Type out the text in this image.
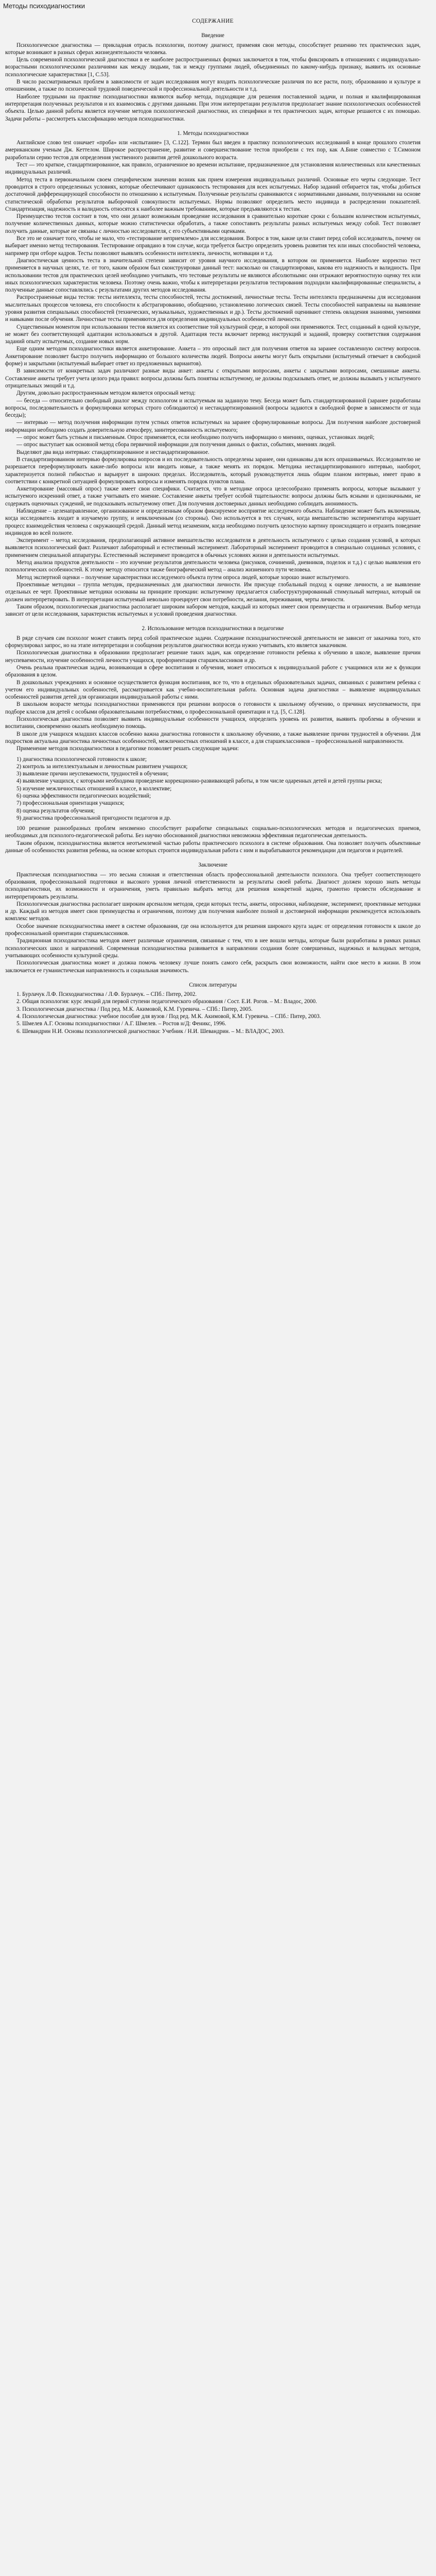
Методы психодиагностики
СОДЕРЖАНИЕ
Введение

Психологическое диагностика — прикладная отрасль психологии, поэтому диагност, применяя свои методы, способствует решению тех практических задач, которые возникают в разных сферах жизнедеятельности человека.

Цель современной психологической диагностики в ее наиболее распространенных формах заключается в том, чтобы фиксировать в отношениях с индивидуально-возрастными психологическими различиями как между людьми, так и между группами людей, объединенных по какому-нибудь признаку, выявить их основные психологические характеристики [1, С.53].

В число рассматриваемых проблем в зависимости от задач исследования могут входить психологические различия по все расти, полу, образованию и культуре и отношениям, а также по психической трудовой поведенческой и профессиональной деятельности и т.д.

Наиболее трудными на практике психодиагностики являются выбор метода, подходящие для решения поставленной задачи, и полная и квалифицированная интерпретация полученных результатов и их взаимосвязь с другими данными. При этом интерпретации результатов предполагает знание психологических особенностей объекта. Целью данной работы является изучение методов психологической диагностики, их специфики и тех практических задач, которые решаются с их помощью. Задачи работы – рассмотреть классификацию методов психодиагностики.

1. Методы психодиагностики

Английское слово test означает «проба» или «испытание» [3, С.122]. Термин был введен в практику психологических исследований в конце прошлого столетия американским ученым Дж. Кеттелом. Широкое распространение, развитие и совершенствование тестов приобрели с тех пор, как А.Бине совместно с Т.Симоном разработали серию тестов для определения умственного развития детей дошкольного возраста.

Тест — это краткое, стандартизированное, как правило, ограниченное во времени испытание, предназначенное для установления количественных или качественных индивидуальных различий.

Метод теста в первоначальном своем специфическом значении возник как прием измерения индивидуальных различий. Основные его черты следующие. Тест проводится в строго определенных условиях, которые обеспечивают одинаковость тестирования для всех испытуемых. Набор заданий отбирается так, чтобы добиться достаточной дифференцирующей способности по отношению к испытуемым. Полученные результаты сравниваются с нормативными данными, полученными на основе статистической обработки результатов выборочной совокупности испытуемых. Нормы позволяют определить место индивида в распределении показателей. Стандартизация, надежность и валидность относятся к наиболее важным требованиям, которые предъявляются к тестам.

Преимущество тестов состоит в том, что они делают возможным проведение исследования в сравнительно короткие сроки с большим количеством испытуемых, получение количественных данных, которые можно статистически обработать, а также сопоставить результаты разных испытуемых между собой. Тест позволяет получить данные, которые не связаны с личностью исследователя, с его субъективными оценками.

Все это не означает того, чтобы не мало, что «тестирование неприемлемо» для исследования. Вопрос в том, какие цели ставит перед собой исследователь, почему он выбирает именно метод тестирования. Тестирование оправдано в том случае, когда требуется быстро определить уровень развития тех или иных способностей человека, например при отборе кадров. Тесты позволяют выявлять особенности интеллекта, личности, мотивации и т.д.

Диагностическая ценность теста в значительной степени зависит от уровня научного исследования, в котором он применяется. Наиболее корректно тест применяется в научных целях, т.е. от того, каким образом был сконструирован данный тест: насколько он стандартизирован, какова его надежность и валидность. При использовании тестов для практических целей необходимо учитывать, что тестовые результаты не являются абсолютными: они отражают вероятностную оценку тех или иных психологических характеристик человека. Поэтому очень важно, чтобы к интерпретации результатов тестирования подходили квалифицированные специалисты, а полученные данные сопоставлялись с результатами других методов исследования.

Распространенные виды тестов: тесты интеллекта, тесты способностей, тесты достижений, личностные тесты. Тесты интеллекта предназначены для исследования мыслительных процессов человека, его способности к абстрагированию, обобщению, установлению логических связей. Тесты способностей направлены на выявление уровня развития специальных способностей (технических, музыкальных, художественных и др.). Тесты достижений оценивают степень овладения знаниями, умениями и навыками после обучения. Личностные тесты применяются для определения индивидуальных особенностей личности.

Существенным моментом при использовании тестов является их соответствие той культурной среде, в которой они применяются. Тест, созданный в одной культуре, не может без соответствующей адаптации использоваться в другой. Адаптация теста включает перевод инструкций и заданий, проверку соответствия содержания заданий опыту испытуемых, создание новых норм.

Еще одним методом психодиагностики является анкетирование. Анкета – это опросный лист для получения ответов на заранее составленную систему вопросов. Анкетирование позволяет быстро получить информацию от большого количества людей. Вопросы анкеты могут быть открытыми (испытуемый отвечает в свободной форме) и закрытыми (испытуемый выбирает ответ из предложенных вариантов).

В зависимости от конкретных задач различают разные виды анкет: анкеты с открытыми вопросами, анкеты с закрытыми вопросами, смешанные анкеты. Составление анкеты требует учета целого ряда правил: вопросы должны быть понятны испытуемому, не должны подсказывать ответ, не должны вызывать у испытуемого отрицательных эмоций и т.д.

Другим, довольно распространенным методом является опросный метод:

— беседа — относительно свободный диалог между психологом и испытуемым на заданную тему. Беседа может быть стандартизированной (заранее разработаны вопросы, последовательность и формулировки которых строго соблюдаются) и нестандартизированной (вопросы задаются в свободной форме в зависимости от хода беседы);

— интервью — метод получения информации путем устных ответов испытуемых на заранее сформулированные вопросы. Для получения наиболее достоверной информации необходимо создать доверительную атмосферу, заинтересованность испытуемого;

— опрос может быть устным и письменным. Опрос применяется, если необходимо получить информацию о мнениях, оценках, установках людей;

— опрос выступает как основной метод сбора первичной информации для получения данных о фактах, событиях, мнениях людей.

Выделяют два вида интервью: стандартизированное и нестандартизированное.

В стандартизированном интервью формулировка вопросов и их последовательность определены заранее, они одинаковы для всех опрашиваемых. Исследователю не разрешается переформулировать какие-либо вопросы или вводить новые, а также менять их порядок. Методика нестандартизированного интервью, наоборот, характеризуется полной гибкостью и варьирует в широких пределах. Исследователь, который руководствуется лишь общим планом интервью, имеет право в соответствии с конкретной ситуацией формулировать вопросы и изменять порядок пунктов плана.

Анкетирование (массовый опрос) также имеет свои специфики. Считается, что в методике опроса целесообразно применять вопросы, которые вызывают у испытуемого искренний ответ, а также учитывать его мнение. Составление анкеты требует особой тщательности: вопросы должны быть ясными и однозначными, не содержать оценочных суждений, не подсказывать испытуемому ответ. Для получения достоверных данных необходимо соблюдать анонимность.

Наблюдение – целенаправленное, организованное и определенным образом фиксируемое восприятие исследуемого объекта. Наблюдение может быть включенным, когда исследователь входит в изучаемую группу, и невключенным (со стороны). Оно используется в тех случаях, когда вмешательство экспериментатора нарушает процесс взаимодействия человека с окружающей средой. Данный метод незаменим, когда необходимо получить целостную картину происходящего и отразить поведение индивидов во всей полноте.

Эксперимент – метод исследования, предполагающий активное вмешательство исследователя в деятельность испытуемого с целью создания условий, в которых выявляется психологический факт. Различают лабораторный и естественный эксперимент. Лабораторный эксперимент проводится в специально созданных условиях, с применением специальной аппаратуры. Естественный эксперимент проводится в обычных условиях жизни и деятельности испытуемых.

Метод анализа продуктов деятельности – это изучение результатов деятельности человека (рисунков, сочинений, дневников, поделок и т.д.) с целью выявления его психологических особенностей. К этому методу относится также биографический метод – анализ жизненного пути человека.

Метод экспертной оценки – получение характеристики исследуемого объекта путем опроса людей, которые хорошо знают испытуемого.

Проективные методики – группа методик, предназначенных для диагностики личности. Им присуще глобальный подход к оценке личности, а не выявление отдельных ее черт. Проективные методики основаны на принципе проекции: испытуемому предлагается слабоструктурированный стимульный материал, который он должен интерпретировать. В интерпретации испытуемый невольно проецирует свои потребности, желания, переживания, черты личности.

Таким образом, психологическая диагностика располагает широким набором методов, каждый из которых имеет свои преимущества и ограничения. Выбор метода зависит от цели исследования, характеристик испытуемых и условий проведения диагностики.

2. Использование методов психодиагностики в педагогике

В ряде случаев сам психолог может ставить перед собой практическое задачи. Содержание психодиагностической деятельности не зависит от заказчика того, кто сформулировал запрос, но на этапе интерпретации и сообщения результатов диагностики всегда нужно учитывать, кто является заказчиком.

Психологическая диагностика в образовании предполагает решение таких задач, как определение готовности ребенка к обучению в школе, выявление причин неуспеваемости, изучение особенностей личности учащихся, профориентация старшеклассников и др.

Очень реальна практическая задача, возникающая в сфере воспитания и обучения, может относиться к индивидуальной работе с учащимися или же к функции образования в целом.

В дошкольных учреждениях и основное осуществляется функция воспитания, все то, что в отдельных образовательных задачах, связанных с развитием ребенка с учетом его индивидуальных особенностей, рассматривается как учебно-воспитательная работа. Основная задача диагностики – выявление индивидуальных особенностей развития детей для организации индивидуальной работы с ними.

В школьном возрасте методы психодиагностики применяются при решении вопросов о готовности к школьному обучению, о причинах неуспеваемости, при подборе классов для детей с особыми образовательными потребностями, о профессиональной ориентации и т.д. [5, С.128].

Психологическая диагностика позволяет выявить индивидуальные особенности учащихся, определить уровень их развития, выявить проблемы в обучении и воспитании, своевременно оказать необходимую помощь.

В школе для учащихся младших классов особенно важна диагностика готовности к школьному обучению, а также выявление причин трудностей в обучении. Для подростков актуальна диагностика личностных особенностей, межличностных отношений в классе, а для старшеклассников – профессиональной направленности.

Применение методов психодиагностики в педагогике позволяет решать следующие задачи:

1) диагностика психологической готовности к школе;

2) контроль за интеллектуальным и личностным развитием учащихся;

3) выявление причин неуспеваемости, трудностей в обучении;

4) выявление учащихся, с которыми необходима проведение коррекционно-развивающей работы, в том числе одаренных детей и детей группы риска;

5) изучение межличностных отношений в классе, в коллективе;

6) оценка эффективности педагогических воздействий;

7) профессиональная ориентация учащихся;

8) оценка результатов обучения;

9) диагностика профессиональной пригодности педагогов и др.

100 решение разнообразных проблем неизменно способствует разработке специальных социально-психологических методов и педагогических приемов, необходимых для психолого-педагогической работы. Без научно обоснованной диагностики невозможна эффективная педагогическая деятельность.

Таким образом, психодиагностика является неотъемлемой частью работы практического психолога в системе образования. Она позволяет получить объективные данные об особенностях развития ребенка, на основе которых строится индивидуальная работа с ним и вырабатываются рекомендации для педагогов и родителей.

Заключение

Практическая психодиагностика — это весьма сложная и ответственная область профессиональной деятельности психолога. Она требует соответствующего образования, профессиональной подготовки и высокого уровня личной ответственности за результаты своей работы. Диагност должен хорошо знать методы психодиагностики, их возможности и ограничения, уметь правильно выбрать метод для решения конкретной задачи, грамотно провести обследование и интерпретировать результаты.

Психологическая диагностика располагает широким арсеналом методов, среди которых тесты, анкеты, опросники, наблюдение, эксперимент, проективные методики и др. Каждый из методов имеет свои преимущества и ограничения, поэтому для получения наиболее полной и достоверной информации рекомендуется использовать комплекс методов.

Особое значение психодиагностика имеет в системе образования, где она используется для решения широкого круга задач: от определения готовности к школе до профессиональной ориентации старшеклассников.

Традиционная психодиагностика методов имеет различные ограничения, связанные с тем, что в нее вошли методы, которые были разработаны в рамках разных психологических школ и направлений. Современная психодиагностика развивается в направлении создания более совершенных, надежных и валидных методов, учитывающих особенности культурной среды.

Психологическая диагностика может и должна помочь человеку лучше понять самого себя, раскрыть свои возможности, найти свое место в жизни. В этом заключается ее гуманистическая направленность и социальная значимость.

Список литературы

1. Бурлачук Л.Ф. Психодиагностика / Л.Ф. Бурлачук. – СПб.: Питер, 2002.

2. Общая психология: курс лекций для первой ступени педагогического образования / Сост. Е.И. Рогов. – М.: Владос, 2000.

3. Психологическая диагностика / Под ред. М.К. Акимовой, К.М. Гуревича. – СПб.: Питер, 2005.

4. Психологическая диагностика: учебное пособие для вузов / Под ред. М.К. Акимовой, К.М. Гуревича. – СПб.: Питер, 2003.

5. Шмелев А.Г. Основы психодиагностики / А.Г. Шмелев. – Ростов н/Д: Феникс, 1996.

6. Шевандрин Н.И. Основы психологической диагностики: Учебник / Н.И. Шевандрин. – М.: ВЛАДОС, 2003.
